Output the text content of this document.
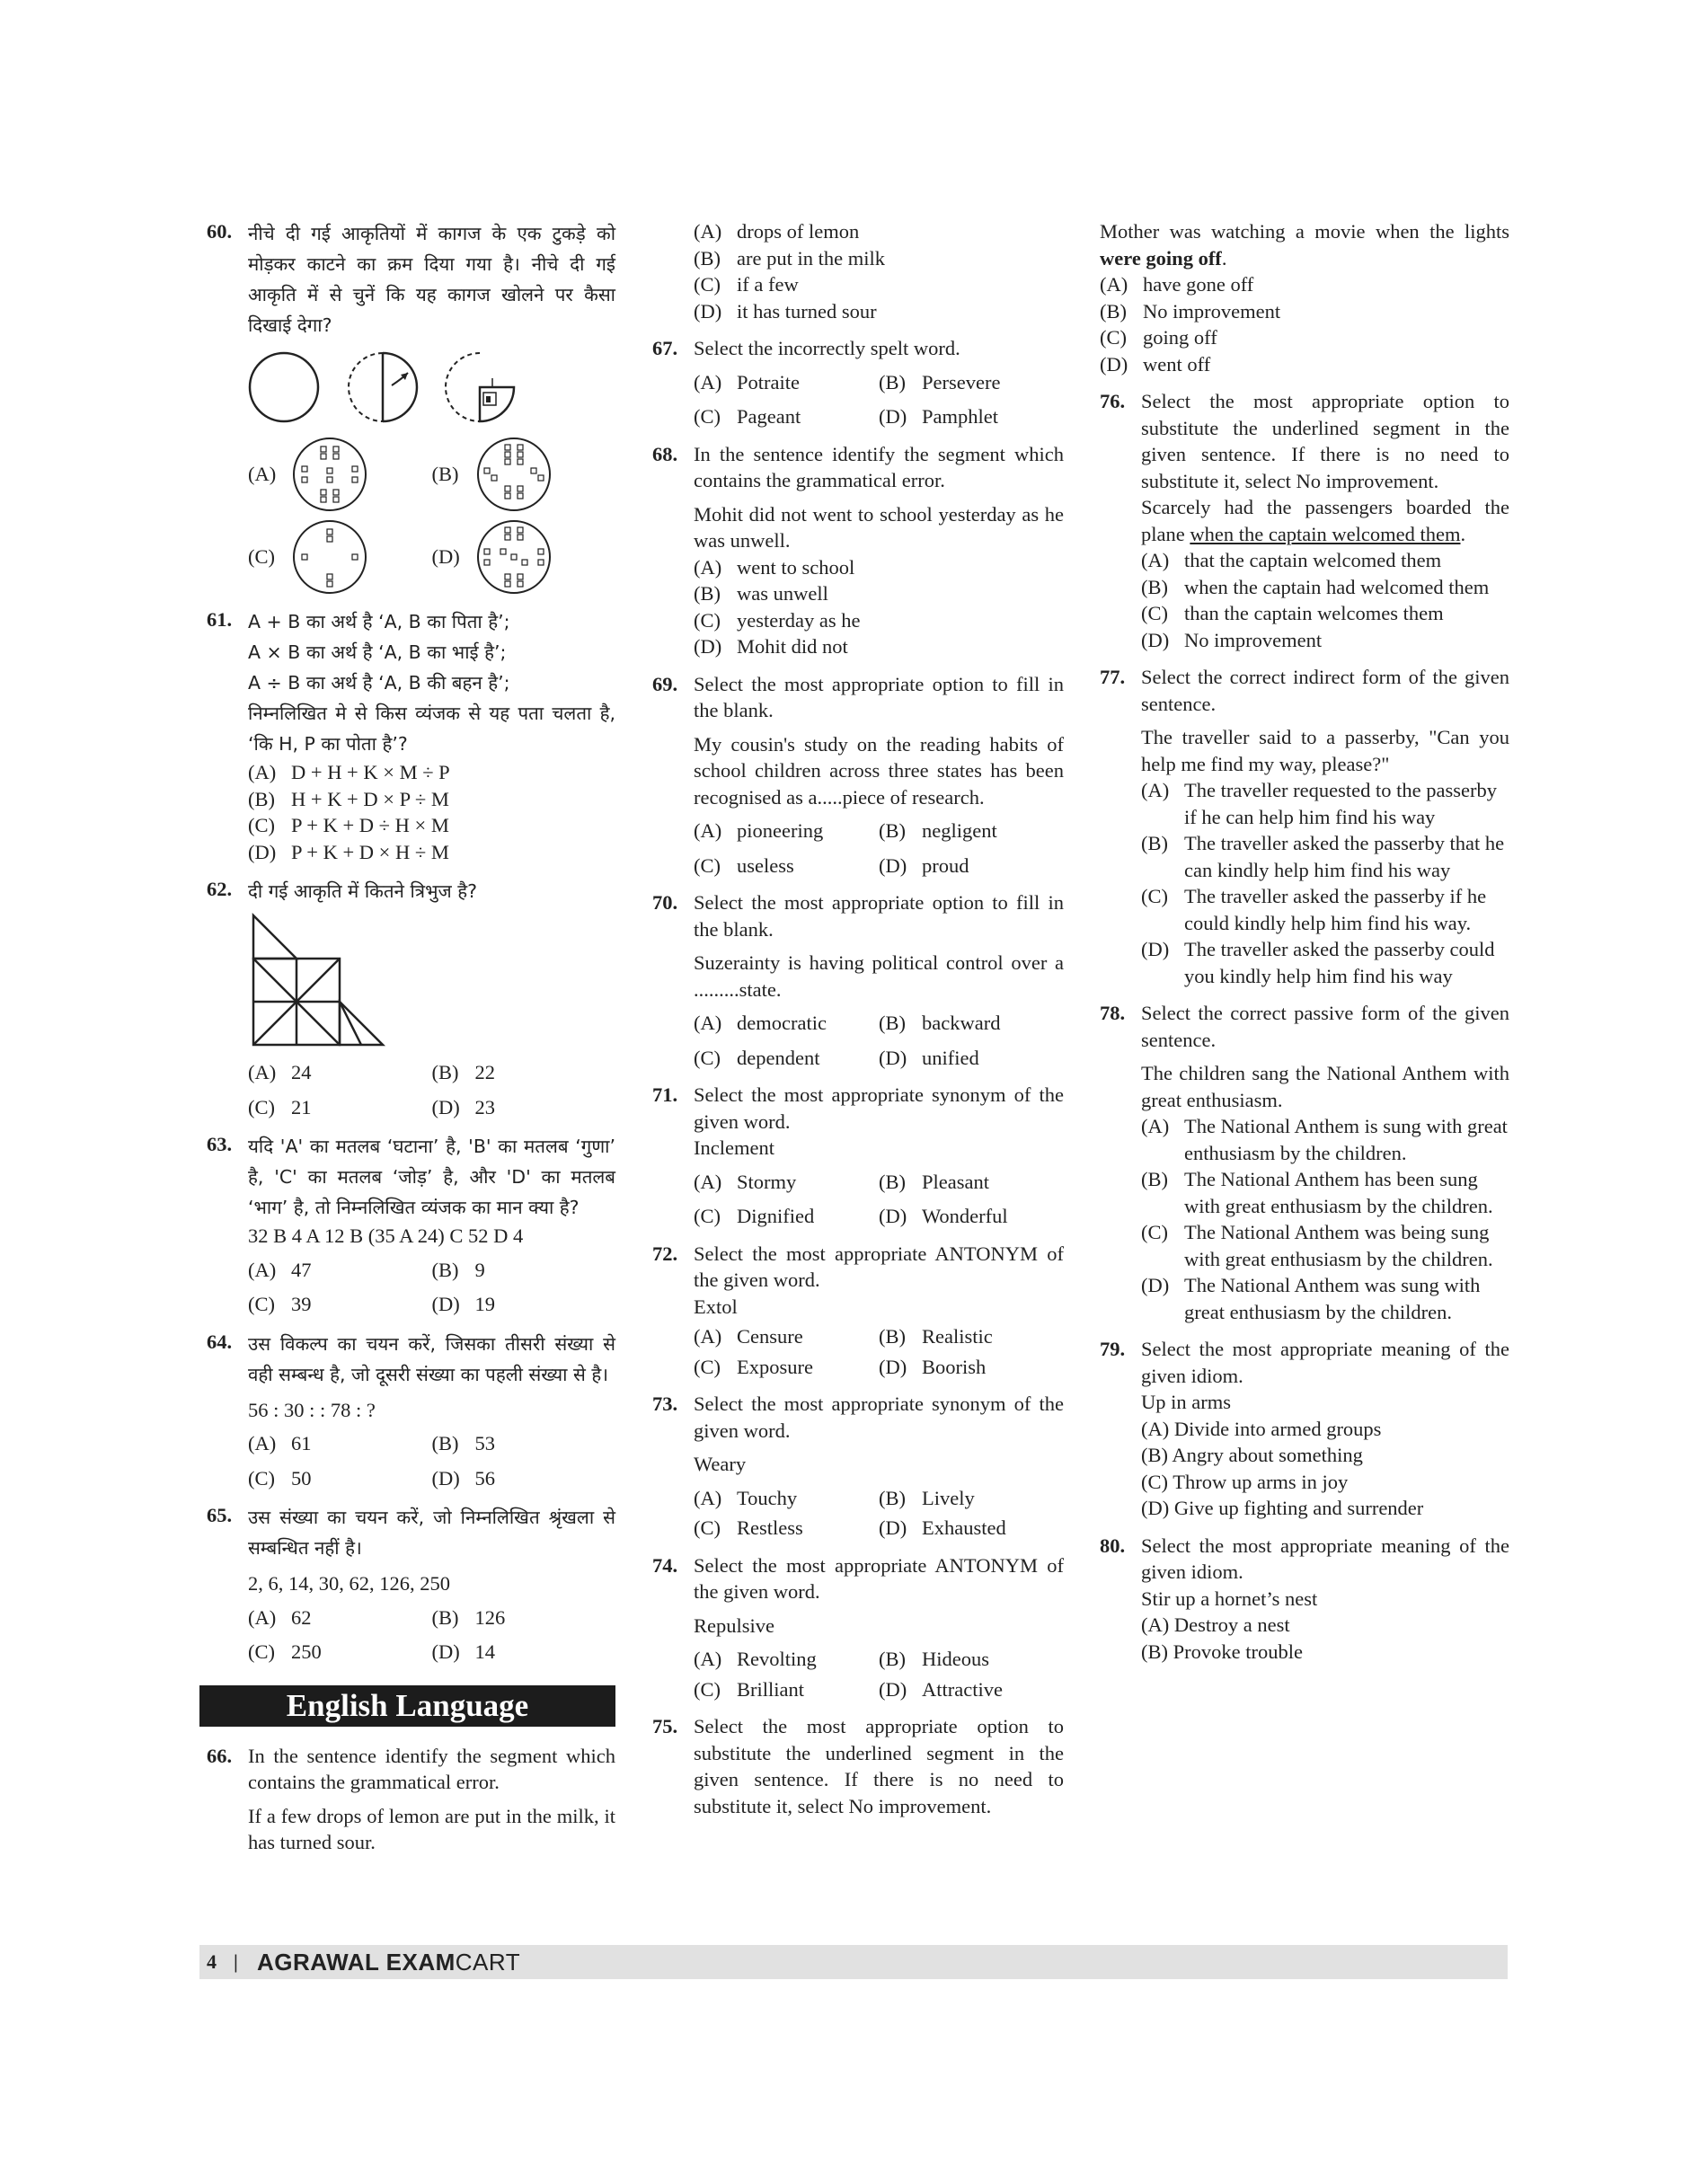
60. नीचे दी गई आकृतियों में कागज के एक टुकड़े को मोड़कर काटने का क्रम दिया गया है। नीचे दी गई आकृति में से चुनें कि यह कागज खोलने पर कैसा दिखाई देगा?
(A)	(B)
(C)	(D)
61. A + B का अर्थ है ‘A, B का पिता है’;
A × B का अर्थ है ‘A, B का भाई है’;
A ÷ B का अर्थ है ‘A, B की बहन है’;
निम्नलिखित मे से किस व्यंजक से यह पता चलता है, ‘कि H, P का पोता है’?
(A) D + H + K × M ÷ P
(B) H + K + D × P ÷ M
(C) P + K + D ÷ H × M
(D) P + K + D × H ÷ M
62. दी गई आकृति में कितने त्रिभुज है?
(A) 24	(B) 22
(C) 21	(D) 23
63. यदि 'A' का मतलब ‘घटाना’ है, 'B' का मतलब ‘गुणा’ है, 'C' का मतलब ‘जोड़’ है, और 'D' का मतलब ‘भाग’ है, तो निम्नलिखित व्यंजक का मान क्या है?
32 B 4 A 12 B (35 A 24) C 52 D 4
(A) 47	(B) 9
(C) 39	(D) 19
64. उस विकल्प का चयन करें, जिसका तीसरी संख्या से वही सम्बन्ध है, जो दूसरी संख्या का पहली संख्या से है।
56 : 30 : : 78 : ?
(A) 61	(B) 53
(C) 50	(D) 56
65. उस संख्या का चयन करें, जो निम्नलिखित श्रृंखला से सम्बन्धित नहीं है।
2, 6, 14, 30, 62, 126, 250
(A) 62	(B) 126
(C) 250	(D) 14
English Language
66. In the sentence identify the segment which contains the grammatical error.
If a few drops of lemon are put in the milk, it has turned sour.
(A) drops of lemon
(B) are put in the milk
(C) if a few
(D) it has turned sour
67. Select the incorrectly spelt word.
(A) Potraite	(B) Persevere
(C) Pageant	(D) Pamphlet
68. In the sentence identify the segment which contains the grammatical error.
Mohit did not went to school yesterday as he was unwell.
(A) went to school
(B) was unwell
(C) yesterday as he
(D) Mohit did not
69. Select the most appropriate option to fill in the blank.
My cousin's study on the reading habits of school children across three states has been recognised as a.....piece of research.
(A) pioneering	(B) negligent
(C) useless	(D) proud
70. Select the most appropriate option to fill in the blank.
Suzerainty is having political control over a .........state.
(A) democratic	(B) backward
(C) dependent	(D) unified
71. Select the most appropriate synonym of the given word.
Inclement
(A) Stormy	(B) Pleasant
(C) Dignified	(D) Wonderful
72. Select the most appropriate ANTONYM of the given word.
Extol
(A) Censure	(B) Realistic
(C) Exposure	(D) Boorish
73. Select the most appropriate synonym of the given word.
Weary
(A) Touchy	(B) Lively
(C) Restless	(D) Exhausted
74. Select the most appropriate ANTONYM of the given word.
Repulsive
(A) Revolting	(B) Hideous
(C) Brilliant	(D) Attractive
75. Select the most appropriate option to substitute the underlined segment in the given sentence. If there is no need to substitute it, select No improvement.
Mother was watching a movie when the lights were going off.
(A) have gone off
(B) No improvement
(C) going off
(D) went off
76. Select the most appropriate option to substitute the underlined segment in the given sentence. If there is no need to substitute it, select No improvement.
Scarcely had the passengers boarded the plane when the captain welcomed them.
(A) that the captain welcomed them
(B) when the captain had welcomed them
(C) than the captain welcomes them
(D) No improvement
77. Select the correct indirect form of the given sentence.
The traveller said to a passerby, "Can you help me find my way, please?"
(A) The traveller requested to the passerby if he can help him find his way
(B) The traveller asked the passerby that he can kindly help him find his way
(C) The traveller asked the passerby if he could kindly help him find his way.
(D) The traveller asked the passerby could you kindly help him find his way
78. Select the correct passive form of the given sentence.
The children sang the National Anthem with great enthusiasm.
(A) The National Anthem is sung with great enthusiasm by the children.
(B) The National Anthem has been sung with great enthusiasm by the children.
(C) The National Anthem was being sung with great enthusiasm by the children.
(D) The National Anthem was sung with great enthusiasm by the children.
79. Select the most appropriate meaning of the given idiom.
Up in arms
(A) Divide into armed groups
(B) Angry about something
(C) Throw up arms in joy
(D) Give up fighting and surrender
80. Select the most appropriate meaning of the given idiom.
Stir up a hornet’s nest
(A) Destroy a nest
(B) Provoke trouble
4 | AGRAWAL EXAMCART
